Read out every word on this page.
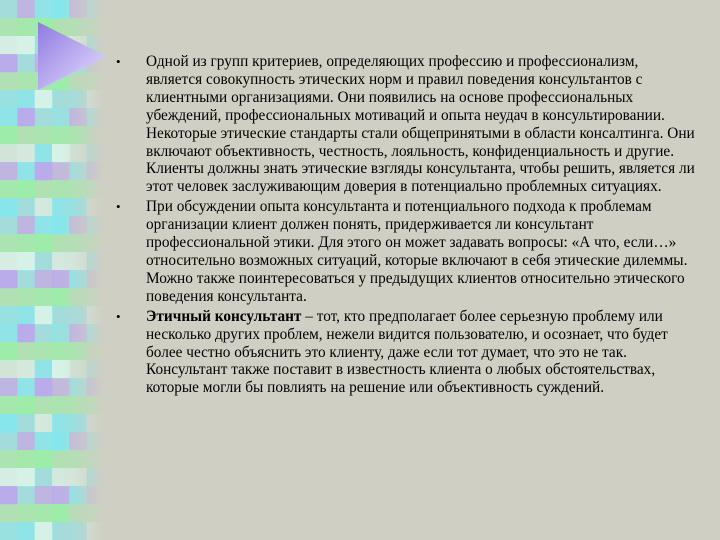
• Одной из групп критериев, определяющих профессию и профессионализм, является совокупность этических норм и правил поведения консультантов с клиентными организациями. Они появились на основе профессиональных убеждений, профессиональных мотиваций и опыта неудач в консультировании. Некоторые этические стандарты стали общепринятыми в области консалтинга. Они включают объективность, честность, лояльность, конфиденциальность и другие. Клиенты должны знать этические взгляды консультанта, чтобы решить, является ли этот человек заслуживающим доверия в потенциально проблемных ситуациях.
• При обсуждении опыта консультанта и потенциального подхода к проблемам организации клиент должен понять, придерживается ли консультант профессиональной этики. Для этого он может задавать вопросы: «А что, если…» относительно возможных ситуаций, которые включают в себя этические дилеммы. Можно также поинтересоваться у предыдущих клиентов относительно этического поведения консультанта.
• Этичный консультант – тот, кто предполагает более серьезную проблему или несколько других проблем, нежели видится пользователю, и осознает, что будет более честно объяснить это клиенту, даже если тот думает, что это не так. Консультант также поставит в известность клиента о любых обстоятельствах, которые могли бы повлиять на решение или объективность суждений.
